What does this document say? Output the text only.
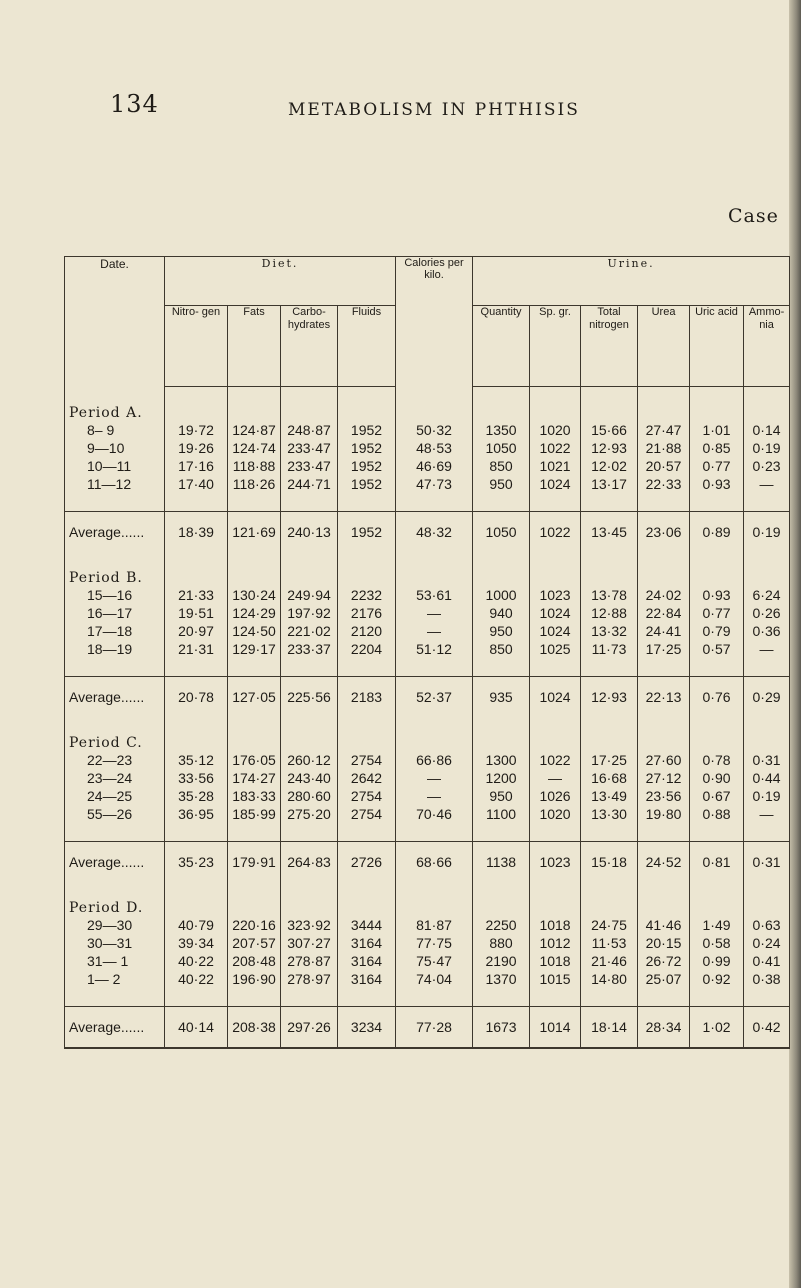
134	METABOLISM IN PHTHISIS
Case
Date.	Diet.				Calories per kilo.	Urine.					
	Nitro- gen	Fats	Carbo- hydrates	Fluids		Quantity	Sp. gr.	Total nitrogen	Urea	Uric acid	Ammo- nia
Period A.											
8– 9	19·72	124·87	248·87	1952	50·32	1350	1020	15·66	27·47	1·01	0·14
9—10	19·26	124·74	233·47	1952	48·53	1050	1022	12·93	21·88	0·85	0·19
10—11	17·16	118·88	233·47	1952	46·69	850	1021	12·02	20·57	0·77	0·23
11—12	17·40	118·26	244·71	1952	47·73	950	1024	13·17	22·33	0·93	—

Average......	18·39	121·69	240·13	1952	48·32	1050	1022	13·45	23·06	0·89	0·19
Period B.											
15—16	21·33	130·24	249·94	2232	53·61	1000	1023	13·78	24·02	0·93	6·24
16—17	19·51	124·29	197·92	2176	—	940	1024	12·88	22·84	0·77	0·26
17—18	20·97	124·50	221·02	2120	—	950	1024	13·32	24·41	0·79	0·36
18—19	21·31	129·17	233·37	2204	51·12	850	1025	11·73	17·25	0·57	—

Average......	20·78	127·05	225·56	2183	52·37	935	1024	12·93	22·13	0·76	0·29
Period C.											
22—23	35·12	176·05	260·12	2754	66·86	1300	1022	17·25	27·60	0·78	0·31
23—24	33·56	174·27	243·40	2642	—	1200	—	16·68	27·12	0·90	0·44
24—25	35·28	183·33	280·60	2754	—	950	1026	13·49	23·56	0·67	0·19
55—26	36·95	185·99	275·20	2754	70·46	1100	1020	13·30	19·80	0·88	—

Average......	35·23	179·91	264·83	2726	68·66	1138	1023	15·18	24·52	0·81	0·31
Period D.											
29—30	40·79	220·16	323·92	3444	81·87	2250	1018	24·75	41·46	1·49	0·63
30—31	39·34	207·57	307·27	3164	77·75	880	1012	11·53	20·15	0·58	0·24
31— 1	40·22	208·48	278·87	3164	75·47	2190	1018	21·46	26·72	0·99	0·41
1— 2	40·22	196·90	278·97	3164	74·04	1370	1015	14·80	25·07	0·92	0·38

Average......	40·14	208·38	297·26	3234	77·28	1673	1014	18·14	28·34	1·02	0·42
